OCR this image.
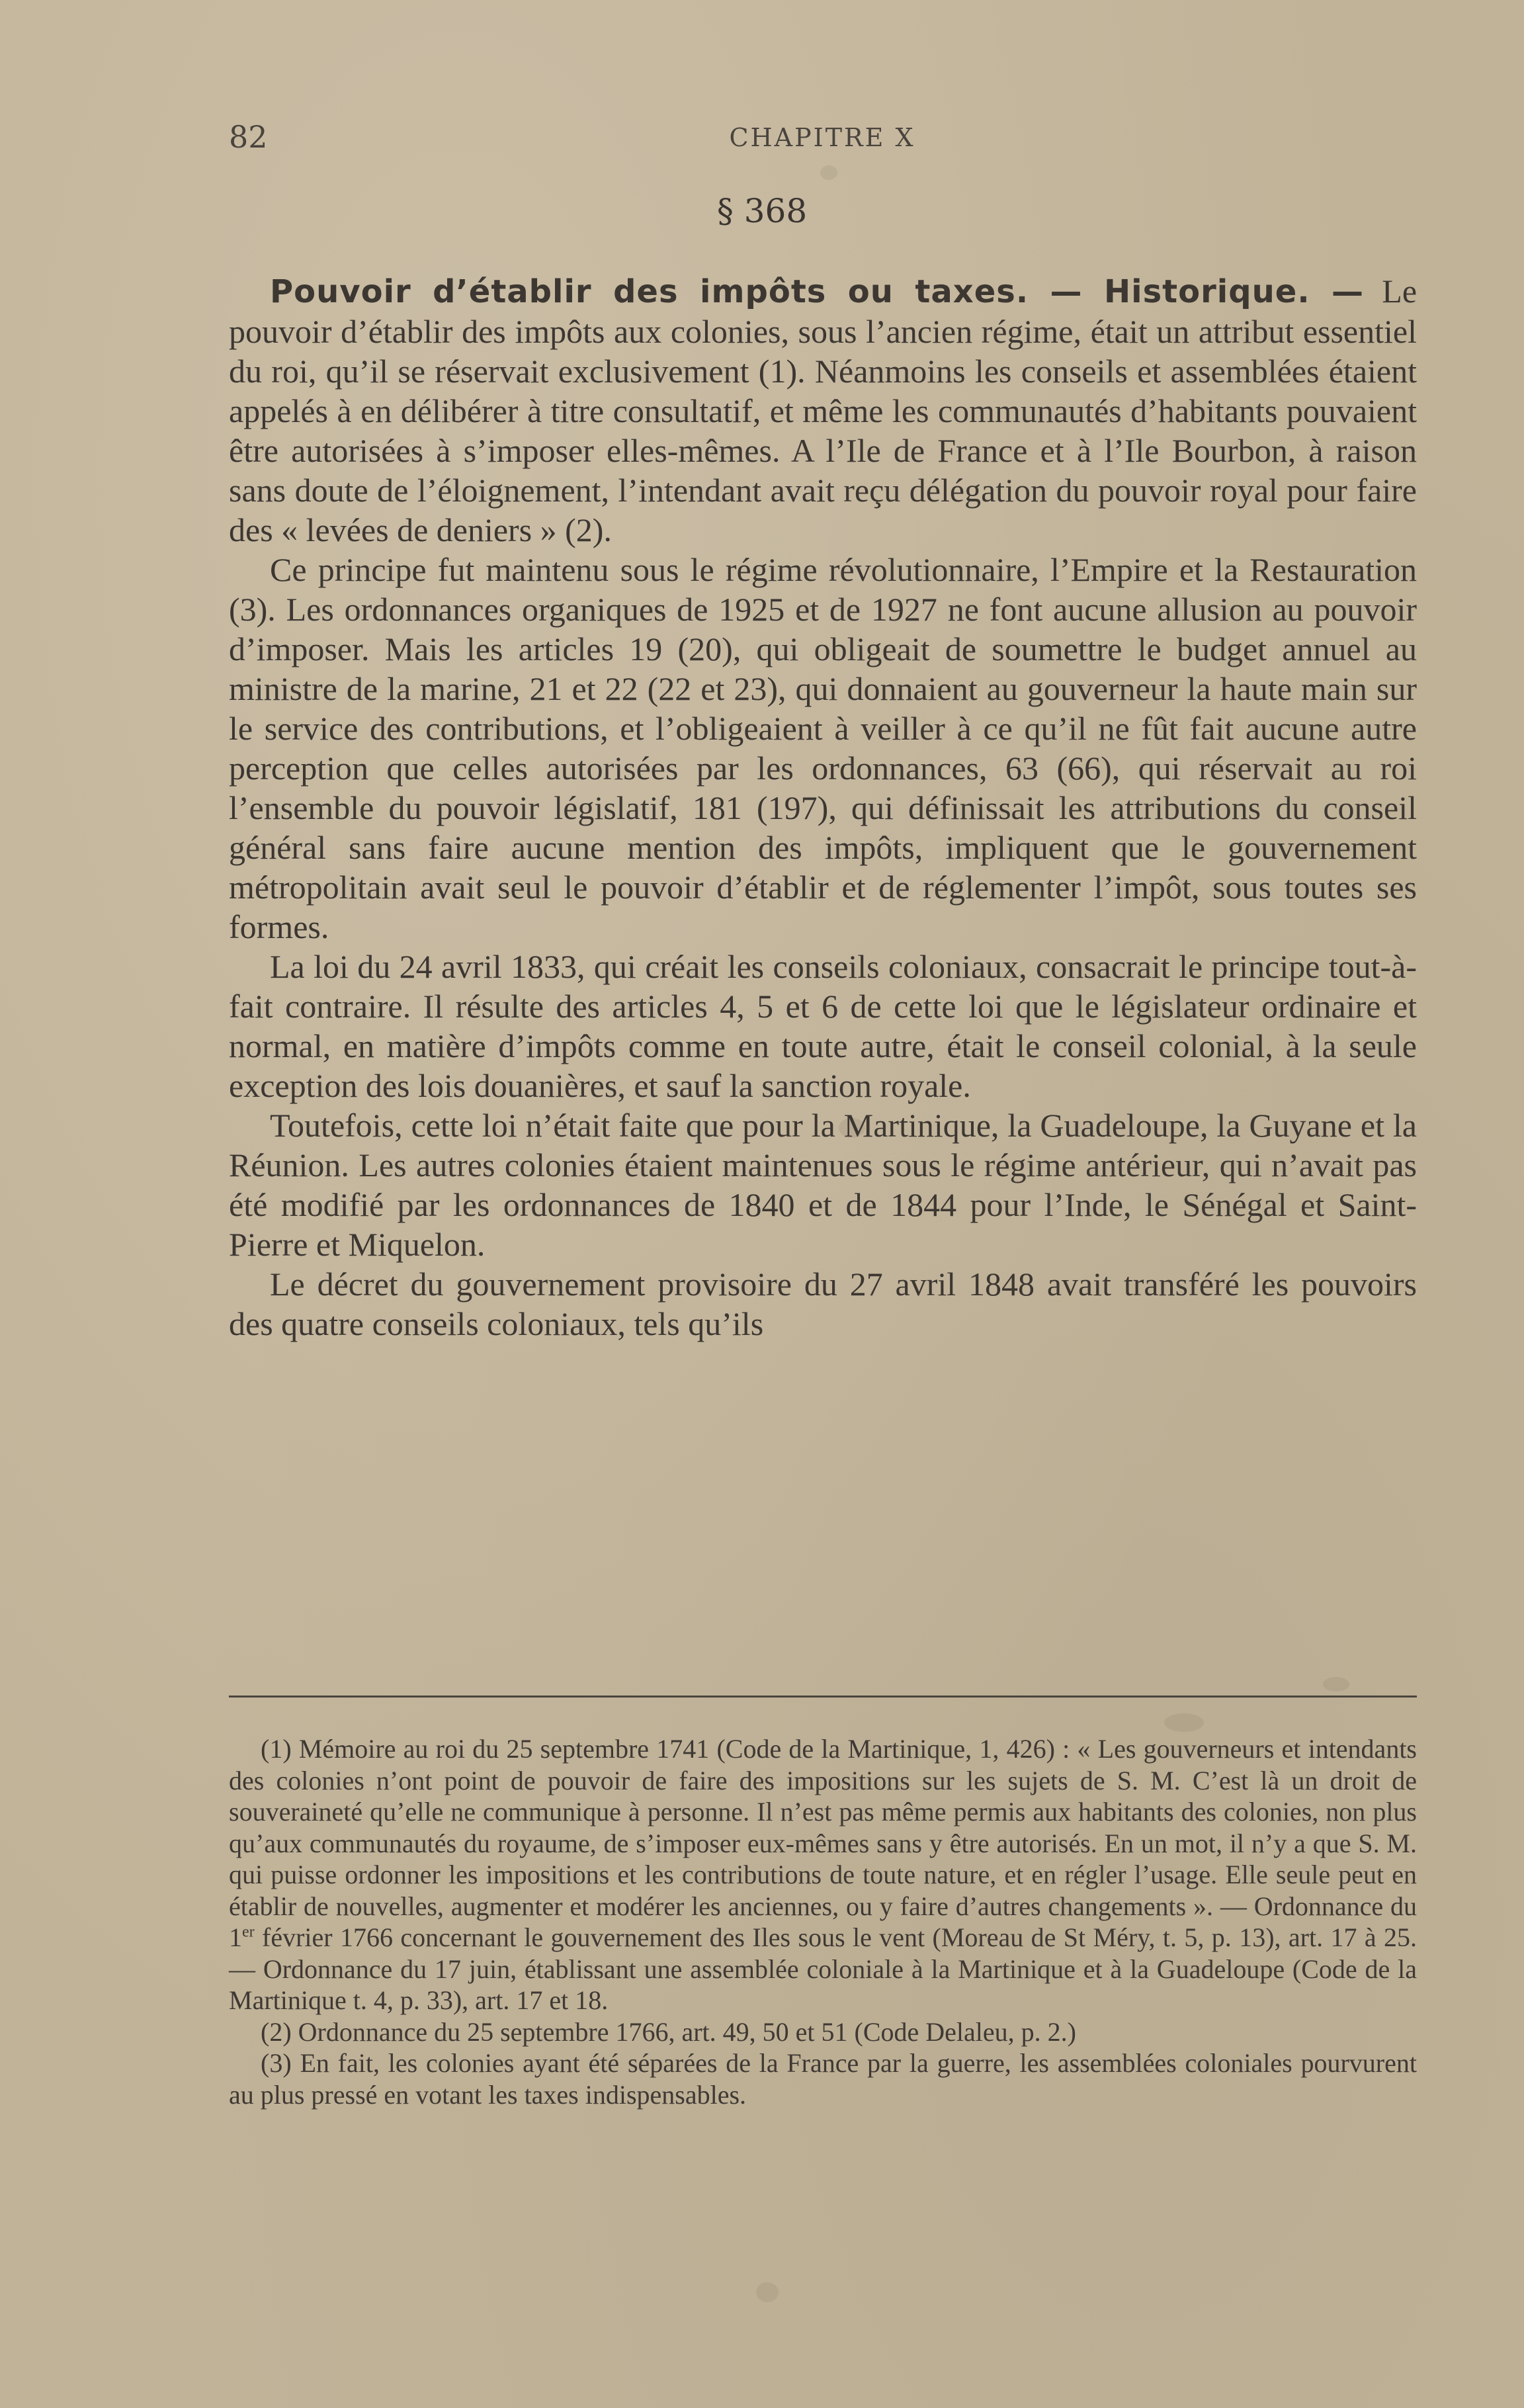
82	CHAPITRE X
§ 368

Pouvoir d’établir des impôts ou taxes. — Historique. — Le pouvoir d’établir des impôts aux colonies, sous l’ancien régime, était un attribut essentiel du roi, qu’il se réservait exclusivement (1). Néanmoins les conseils et assemblées étaient appelés à en délibérer à titre consultatif, et même les communautés d’habitants pouvaient être autorisées à s’imposer elles-mêmes. A l’Ile de France et à l’Ile Bourbon, à raison sans doute de l’éloignement, l’intendant avait reçu délégation du pouvoir royal pour faire des « levées de deniers » (2).

Ce principe fut maintenu sous le régime révolutionnaire, l’Empire et la Restauration (3). Les ordonnances organiques de 1925 et de 1927 ne font aucune allusion au pouvoir d’imposer. Mais les articles 19 (20), qui obligeait de soumettre le budget annuel au ministre de la marine, 21 et 22 (22 et 23), qui donnaient au gouverneur la haute main sur le service des contributions, et l’obligeaient à veiller à ce qu’il ne fût fait aucune autre perception que celles autorisées par les ordonnances, 63 (66), qui réservait au roi l’ensemble du pouvoir législatif, 181 (197), qui définissait les attributions du conseil général sans faire aucune mention des impôts, impliquent que le gouvernement métropolitain avait seul le pouvoir d’établir et de réglementer l’impôt, sous toutes ses formes.

La loi du 24 avril 1833, qui créait les conseils coloniaux, consacrait le principe tout-à-fait contraire. Il résulte des articles 4, 5 et 6 de cette loi que le législateur ordinaire et normal, en matière d’impôts comme en toute autre, était le conseil colonial, à la seule exception des lois douanières, et sauf la sanction royale.

Toutefois, cette loi n’était faite que pour la Martinique, la Guadeloupe, la Guyane et la Réunion. Les autres colonies étaient maintenues sous le régime antérieur, qui n’avait pas été modifié par les ordonnances de 1840 et de 1844 pour l’Inde, le Sénégal et Saint-Pierre et Miquelon.

Le décret du gouvernement provisoire du 27 avril 1848 avait transféré les pouvoirs des quatre conseils coloniaux, tels qu’ils

(1) Mémoire au roi du 25 septembre 1741 (Code de la Martinique, 1, 426) : « Les gouverneurs et intendants des colonies n’ont point de pouvoir de faire des impositions sur les sujets de S. M. C’est là un droit de souveraineté qu’elle ne communique à personne. Il n’est pas même permis aux habitants des colonies, non plus qu’aux communautés du royaume, de s’imposer eux-mêmes sans y être autorisés. En un mot, il n’y a que S. M. qui puisse ordonner les impositions et les contributions de toute nature, et en régler l’usage. Elle seule peut en établir de nouvelles, augmenter et modérer les anciennes, ou y faire d’autres changements ». — Ordonnance du 1er février 1766 concernant le gouvernement des Iles sous le vent (Moreau de St Méry, t. 5, p. 13), art. 17 à 25. — Ordonnance du 17 juin, établissant une assemblée coloniale à la Martinique et à la Guadeloupe (Code de la Martinique t. 4, p. 33), art. 17 et 18.

(2) Ordonnance du 25 septembre 1766, art. 49, 50 et 51 (Code Delaleu, p. 2.)

(3) En fait, les colonies ayant été séparées de la France par la guerre, les assemblées coloniales pourvurent au plus pressé en votant les taxes indispensables.
